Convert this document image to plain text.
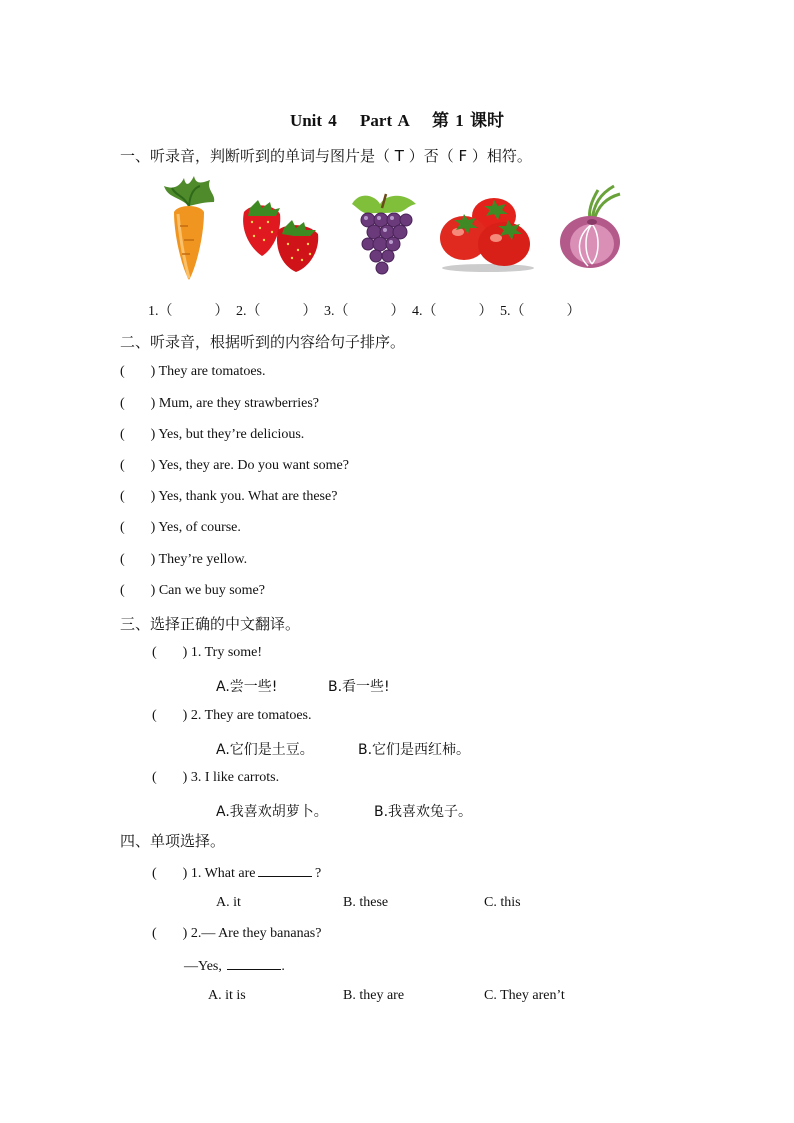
Unit 4 　Part A　 第 1 课时
一、听录音，判断听到的单词与图片是（ T ）否（ F ）相符。
1.（　　　） 2.（　　　） 3.（　　　） 4.（　　　） 5.（　　　）
二、听录音，根据听到的内容给句子排序。
( ) They are tomatoes.
( ) Mum, are they strawberries?
( ) Yes, but they’re delicious.
( ) Yes, they are. Do you want some?
( ) Yes, thank you. What are these?
( ) Yes, of course.
( ) They’re yellow.
( ) Can we buy some?
三、选择正确的中文翻译。
( ) 1. Try some!
A.尝一些!	B.看一些!
( ) 2. They are tomatoes.
A.它们是土豆。	B.它们是西红柿。
( ) 3. I like carrots.
A.我喜欢胡萝卜。	B.我喜欢兔子。
四、单项选择。
( ) 1. What are	?
A. it	B. these	C. this
( ) 2.— Are they bananas?
—Yes,	.
A. it is	B. they are	C. They aren’t
